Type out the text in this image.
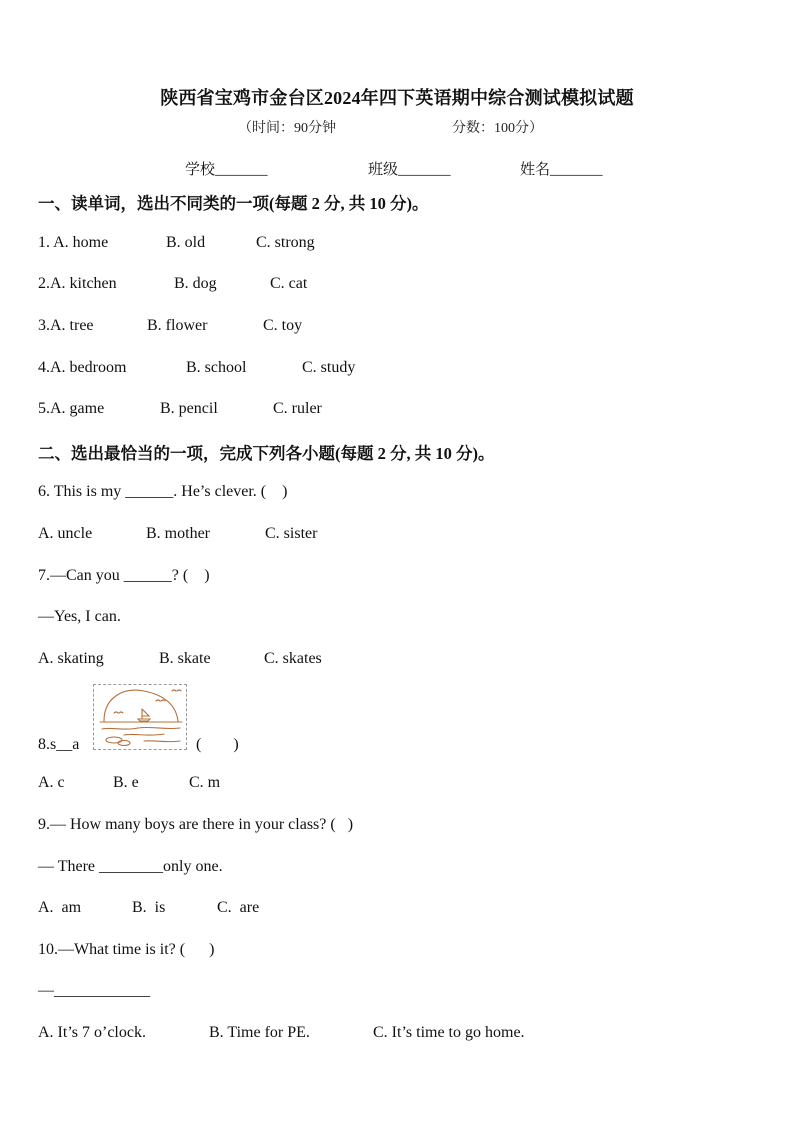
陕西省宝鸡市金台区2024年四下英语期中综合测试模拟试题
（时间：90分钟	分数：100分）
学校_______	班级_______	姓名_______
一、读单词，选出不同类的一项(每题 2 分, 共 10 分)。
1. A. home	B. old	C. strong
2.A. kitchen	B. dog	C. cat
3.A. tree	B. flower	C. toy
4.A. bedroom	B. school	C. study
5.A. game	B. pencil	C. ruler
二、选出最恰当的一项，完成下列各小题(每题 2 分, 共 10 分)。
6. This is my ______. He’s clever. (    )
A. uncle	B. mother	C. sister
7.—Can you ______? (    )
—Yes, I can.
A. skating	B. skate	C. skates
8.s__a	(        )
A. c	B. e	C. m
9.— How many boys are there in your class? (   )
— There ________only one.
A.  am	B.  is	C.  are
10.—What time is it? (      )
—____________
A. It’s 7 o’clock.	B. Time for PE.	C. It’s time to go home.
